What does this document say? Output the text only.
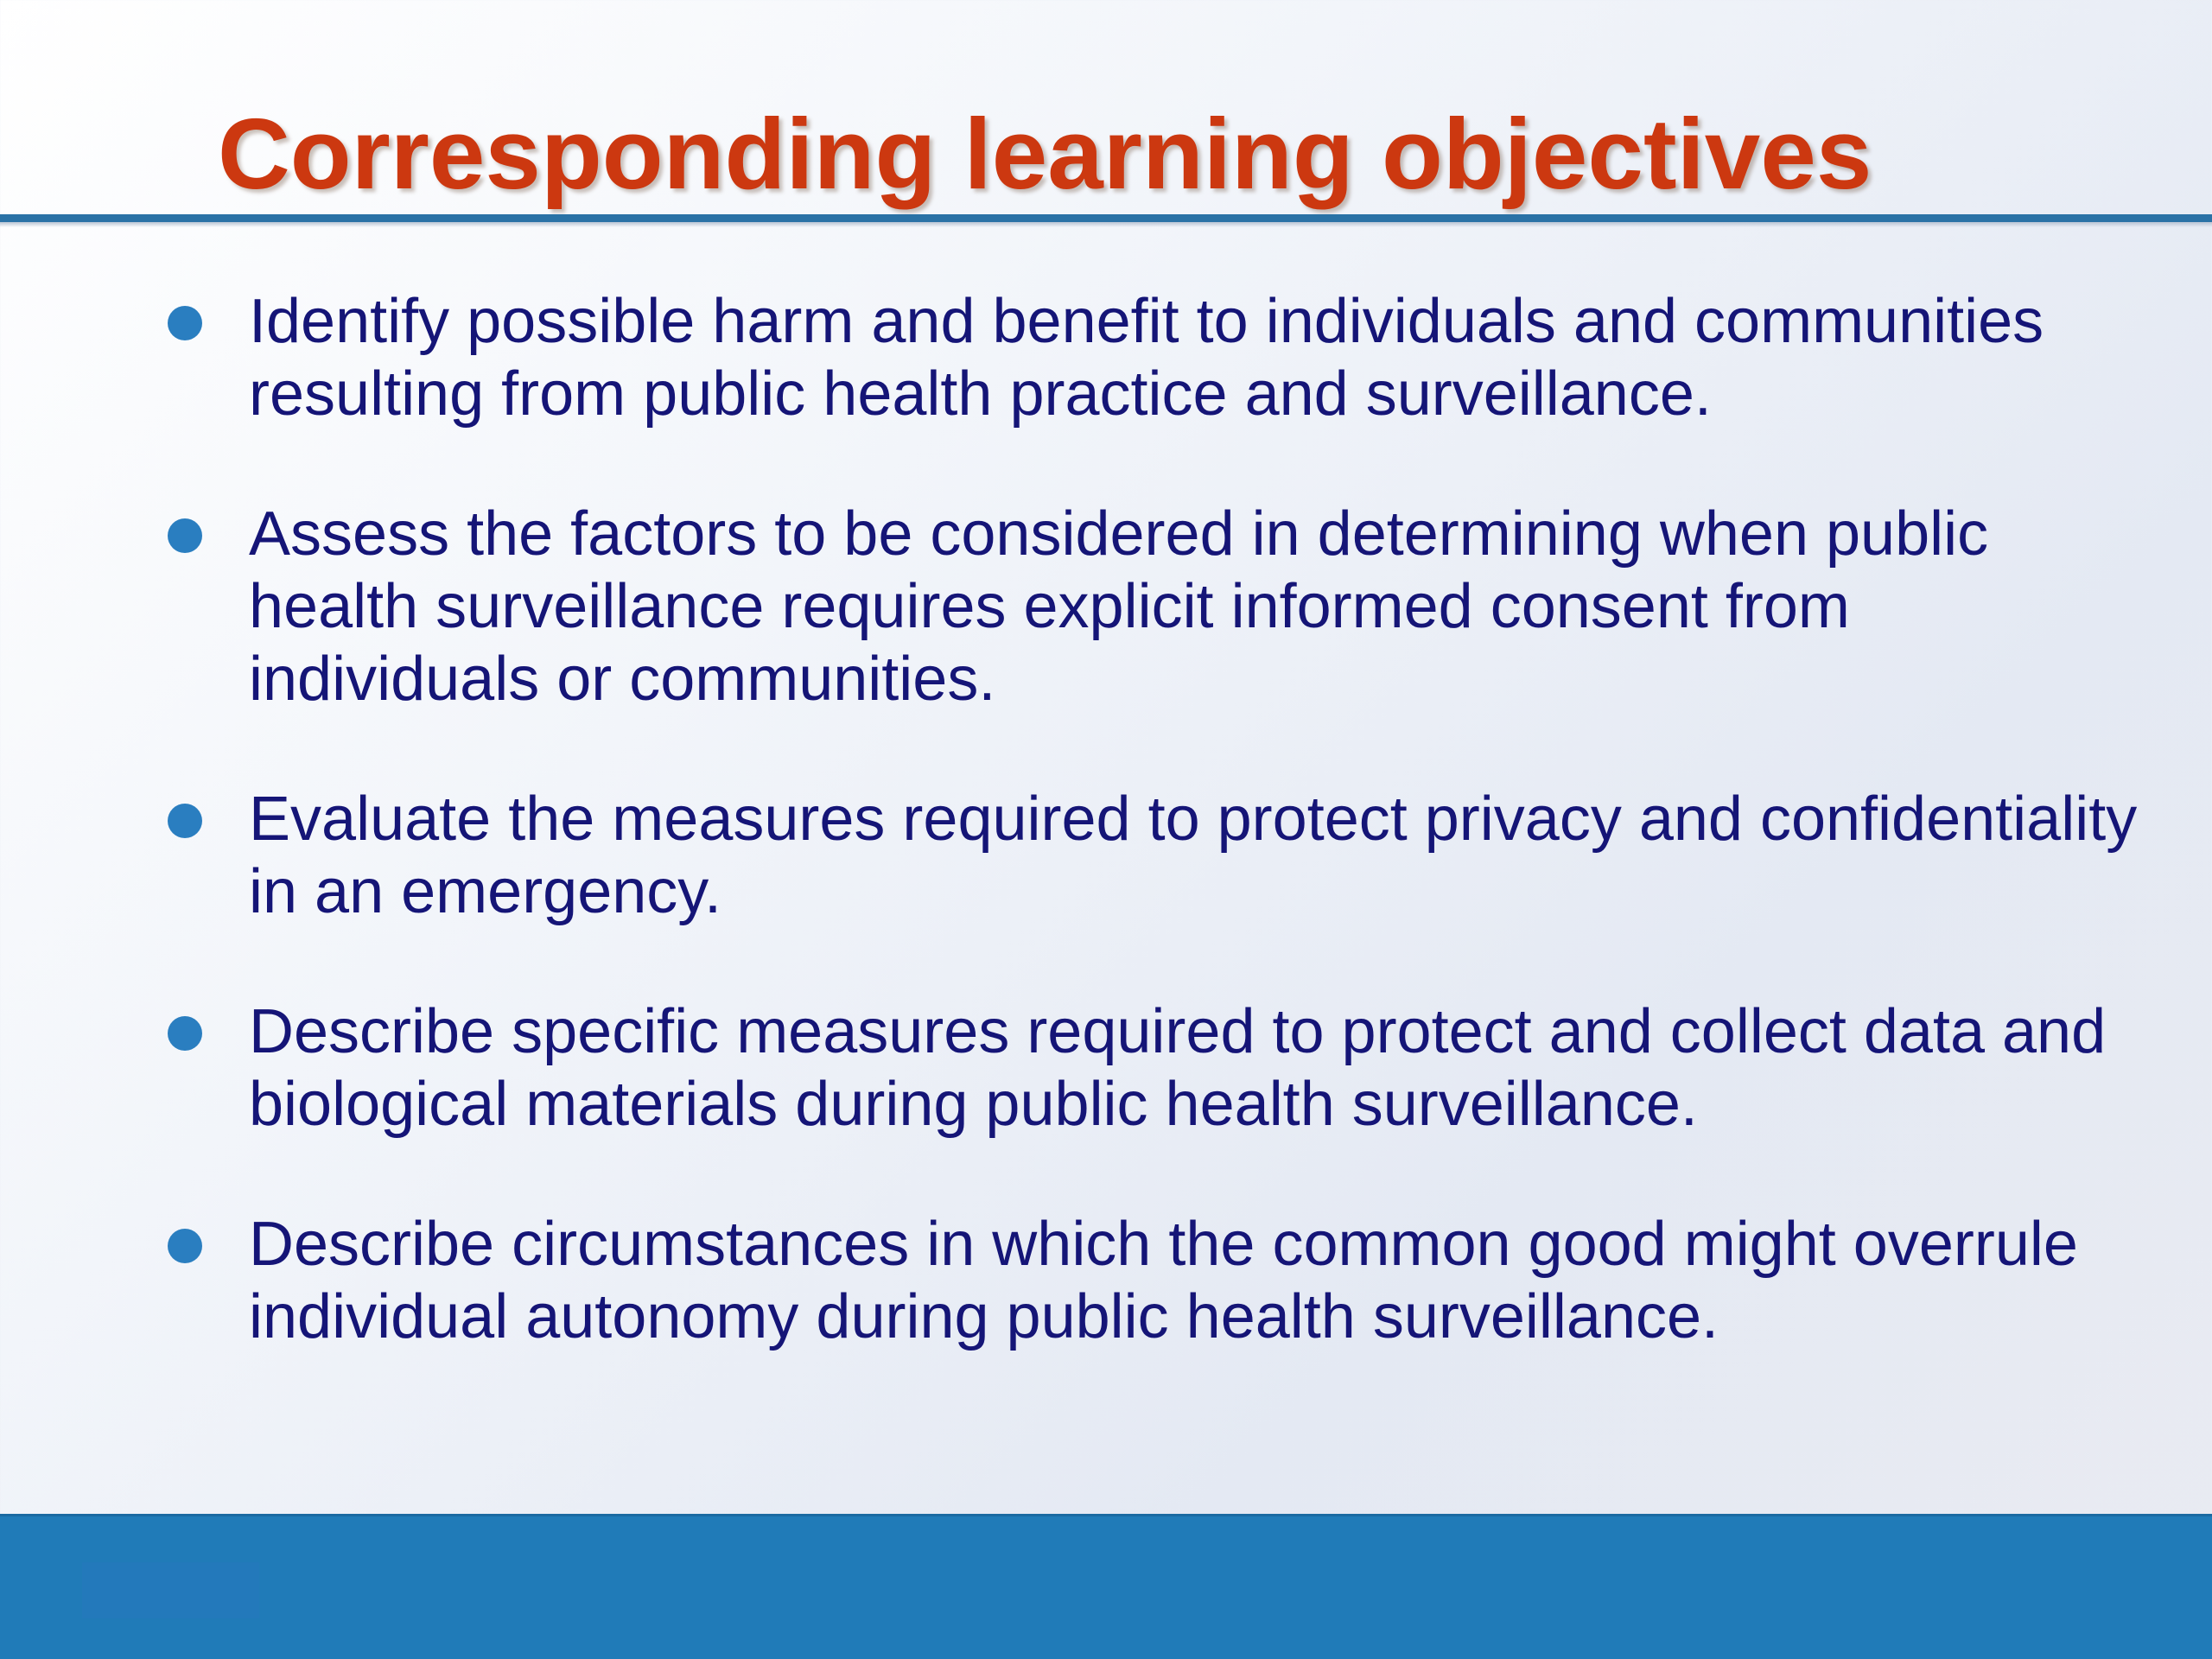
Corresponding learning objectives
Identify possible harm and benefit to individuals and communities resulting from public health practice and surveillance.
Assess the factors to be considered in determining when public health surveillance requires explicit informed consent from individuals or communities.
Evaluate the measures required to protect privacy and confidentiality in an emergency.
Describe specific measures required to protect and collect data and biological materials during public health surveillance.
Describe circumstances in which the common good might overrule individual autonomy during public health surveillance.
